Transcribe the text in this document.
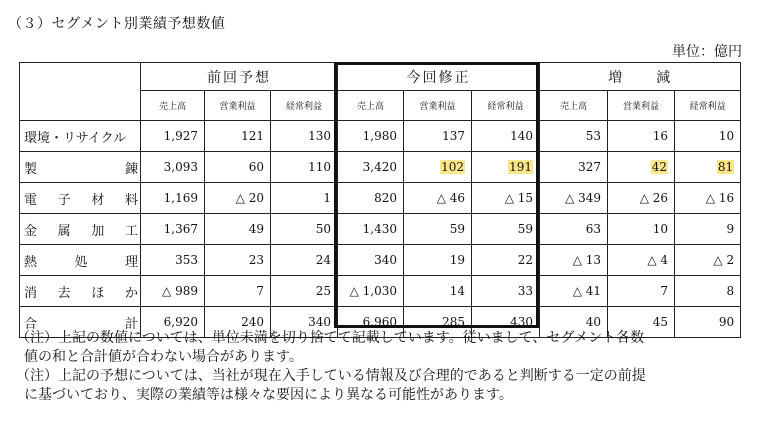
（３）セグメント別業績予想数値
単位：億円
	前回予想			今回修正			増　　減		
	売上高	営業利益	経常利益	売上高	営業利益	経常利益	売上高	営業利益	経常利益

環境・リサイクル	1,927	121	130	1,980	137	140	53	16	10

製 錬	3,093	60	110	3,420	102	191	327	42	81

電 子 材 料	1,169	△ 20	1	820	△ 46	△ 15	△ 349	△ 26	△ 16

金 属 加 工	1,367	49	50	1,430	59	59	63	10	9

熱 処 理	353	23	24	340	19	22	△ 13	△ 4	△ 2

消 去 ほ か	△ 989	7	25	△ 1,030	14	33	△ 41	7	8

合 計	6,920	240	340	6,960	285	430	40	45	90

（注）上記の数値については、単位未満を切り捨てて記載しています。従いまして、セグメント各数
値の和と合計値が合わない場合があります。

（注）上記の予想については、当社が現在入手している情報及び合理的であると判断する一定の前提
に基づいており、実際の業績等は様々な要因により異なる可能性があります。
